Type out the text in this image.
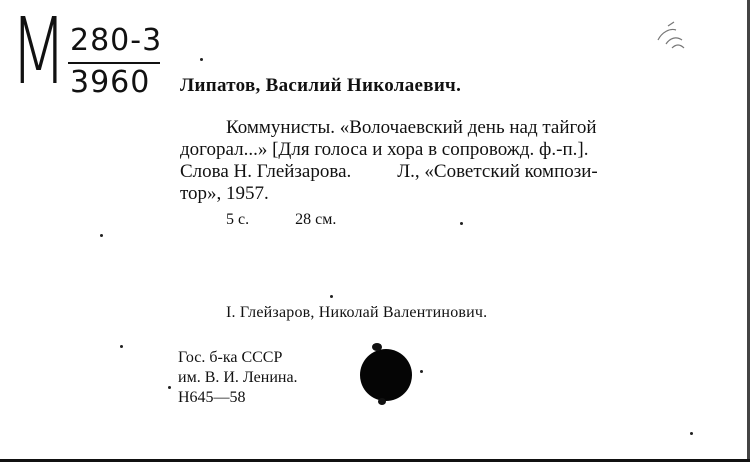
М 280-3
3960 Липатов, Василий Николаевич.
Коммунисты. «Волочаевский день над тайгой
догорал...» [Для голоса и хора в сопровожд. ф.-п.].
Слова Н. Глейзарова. Л., «Советский компози-
тор», 1957.
5 с.	28 см.
I. Глейзаров, Николай Валентинович.
Гос. б-ка СССР
им. В. И. Ленина.
Н645—58
